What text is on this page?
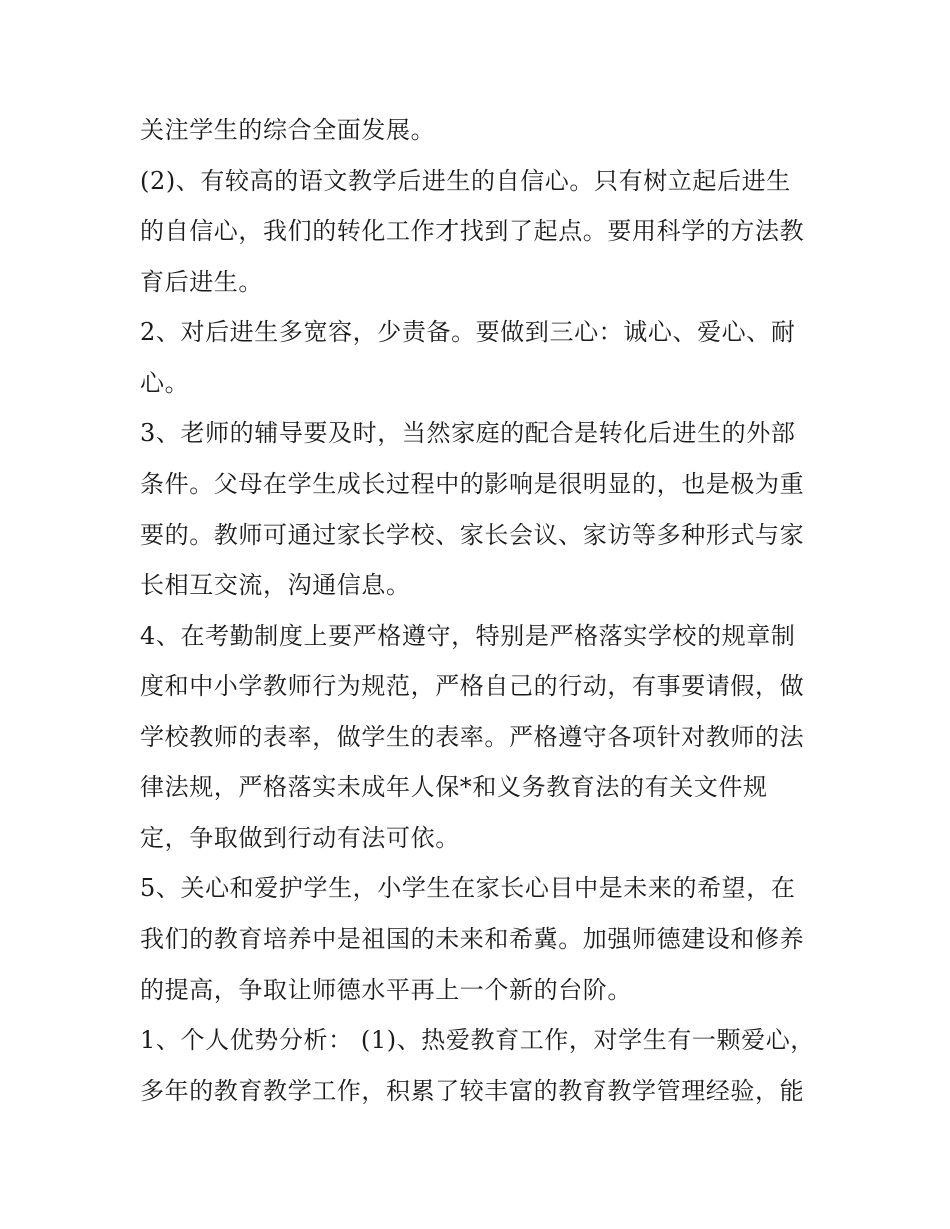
关注学生的综合全面发展。
(2)、有较高的语文教学后进生的自信心。只有树立起后进生
的自信心，我们的转化工作才找到了起点。要用科学的方法教
育后进生。
2、对后进生多宽容，少责备。要做到三心：诚心、爱心、耐
心。
3、老师的辅导要及时，当然家庭的配合是转化后进生的外部
条件。父母在学生成长过程中的影响是很明显的，也是极为重
要的。教师可通过家长学校、家长会议、家访等多种形式与家
长相互交流，沟通信息。
4、在考勤制度上要严格遵守，特别是严格落实学校的规章制
度和中小学教师行为规范，严格自己的行动，有事要请假，做
学校教师的表率，做学生的表率。严格遵守各项针对教师的法
律法规，严格落实未成年人保*和义务教育法的有关文件规
定，争取做到行动有法可依。
5、关心和爱护学生，小学生在家长心目中是未来的希望，在
我们的教育培养中是祖国的未来和希冀。加强师德建设和修养
的提高，争取让师德水平再上一个新的台阶。
1、个人优势分析： (1)、热爱教育工作，对学生有一颗爱心，
多年的教育教学工作，积累了较丰富的教育教学管理经验，能
